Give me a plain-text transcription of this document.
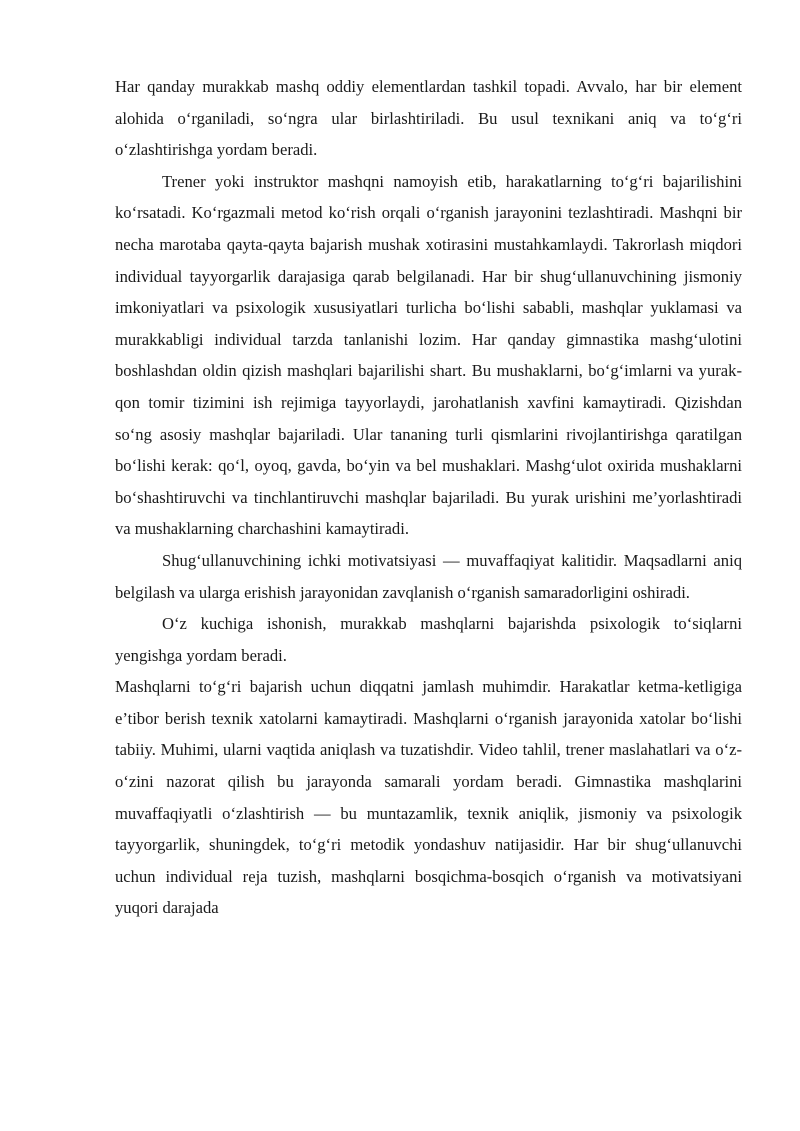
Har qanday murakkab mashq oddiy elementlardan tashkil topadi. Avvalo, har bir element alohida o‘rganiladi, so‘ngra ular birlashtiriladi. Bu usul texnikani aniq va to‘g‘ri o‘zlashtirishga yordam beradi.

Trener yoki instruktor mashqni namoyish etib, harakatlarning to‘g‘ri bajarilishini ko‘rsatadi. Ko‘rgazmali metod ko‘rish orqali o‘rganish jarayonini tezlashtiradi. Mashqni bir necha marotaba qayta-qayta bajarish mushak xotirasini mustahkamlaydi. Takrorlash miqdori individual tayyorgarlik darajasiga qarab belgilanadi. Har bir shug‘ullanuvchining jismoniy imkoniyatlari va psixologik xususiyatlari turlicha bo‘lishi sababli, mashqlar yuklamasi va murakkabligi individual tarzda tanlanishi lozim. Har qanday gimnastika mashg‘ulotini boshlashdan oldin qizish mashqlari bajarilishi shart. Bu mushaklarni, bo‘g‘imlarni va yurak-qon tomir tizimini ish rejimiga tayyorlaydi, jarohatlanish xavfini kamaytiradi. Qizishdan so‘ng asosiy mashqlar bajariladi. Ular tananing turli qismlarini rivojlantirishga qaratilgan bo‘lishi kerak: qo‘l, oyoq, gavda, bo‘yin va bel mushaklari. Mashg‘ulot oxirida mushaklarni bo‘shashtiruvchi va tinchlantiruvchi mashqlar bajariladi. Bu yurak urishini me’yorlashtiradi va mushaklarning charchashini kamaytiradi.

Shug‘ullanuvchining ichki motivatsiyasi — muvaffaqiyat kalitidir. Maqsadlarni aniq belgilash va ularga erishish jarayonidan zavqlanish o‘rganish samaradorligini oshiradi.

O‘z kuchiga ishonish, murakkab mashqlarni bajarishda psixologik to‘siqlarni yengishga yordam beradi.

Mashqlarni to‘g‘ri bajarish uchun diqqatni jamlash muhimdir. Harakatlar ketma-ketligiga e’tibor berish texnik xatolarni kamaytiradi. Mashqlarni o‘rganish jarayonida xatolar bo‘lishi tabiiy. Muhimi, ularni vaqtida aniqlash va tuzatishdir. Video tahlil, trener maslahatlari va o‘z-o‘zini nazorat qilish bu jarayonda samarali yordam beradi. Gimnastika mashqlarini muvaffaqiyatli o‘zlashtirish — bu muntazamlik, texnik aniqlik, jismoniy va psixologik tayyorgarlik, shuningdek, to‘g‘ri metodik yondashuv natijasidir. Har bir shug‘ullanuvchi uchun individual reja tuzish, mashqlarni bosqichma-bosqich o‘rganish va motivatsiyani yuqori darajada
